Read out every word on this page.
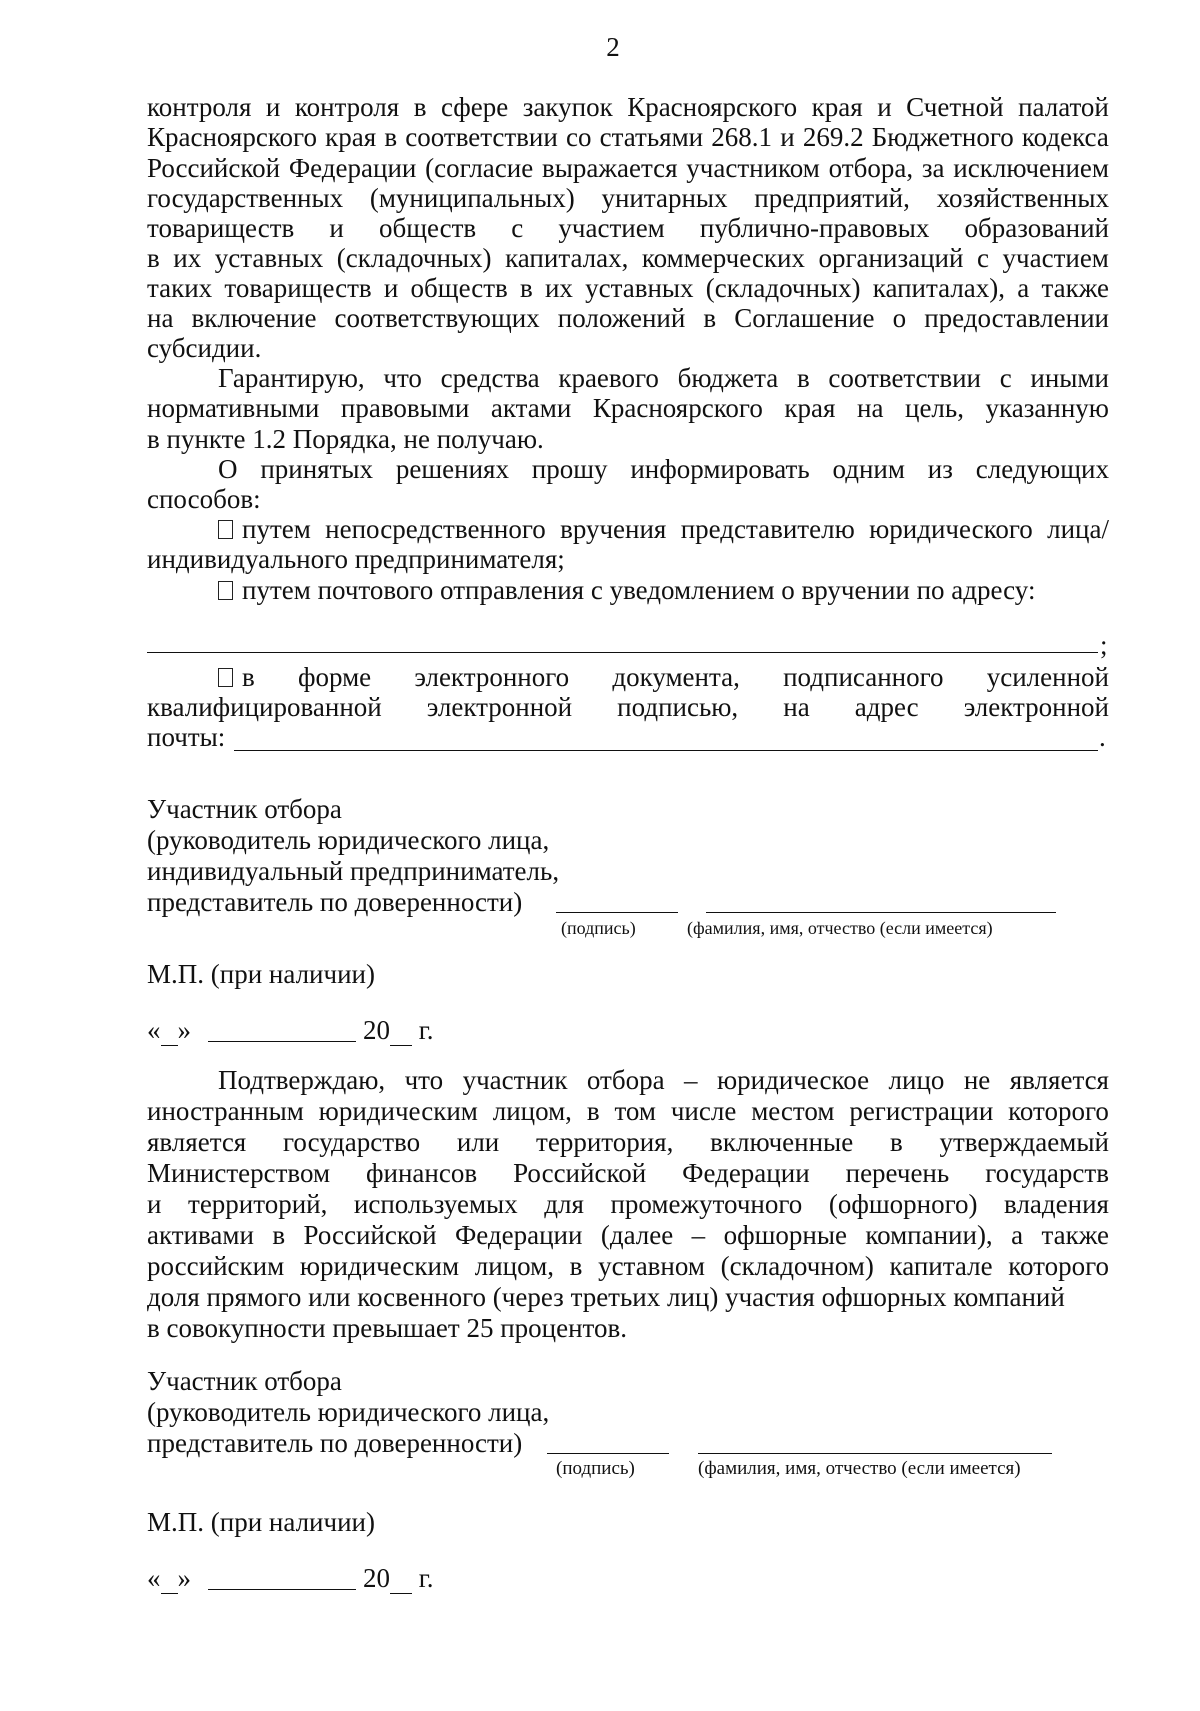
2
контроля и контроля в сфере закупок Красноярского края и Счетной палатой
Красноярского края в соответствии со статьями 268.1 и 269.2 Бюджетного кодекса
Российской Федерации (согласие выражается участником отбора, за исключением
государственных (муниципальных) унитарных предприятий, хозяйственных
товариществ и обществ с участием публично-правовых образований
в их уставных (складочных) капиталах, коммерческих организаций с участием
таких товариществ и обществ в их уставных (складочных) капиталах), а также
на включение соответствующих положений в Соглашение о предоставлении
субсидии.
Гарантирую, что средства краевого бюджета в соответствии с иными
нормативными правовыми актами Красноярского края на цель, указанную
в пункте 1.2 Порядка, не получаю.
О принятых решениях прошу информировать одним из следующих
способов:
путем непосредственного вручения представителю юридического лица/
индивидуального предпринимателя;
путем почтового отправления с уведомлением о вручении по адресу:
;
в форме электронного документа, подписанного усиленной
квалифицированной электронной подписью, на адрес электронной
почты:	.
Участник отбора
(руководитель юридического лица,
индивидуальный предприниматель,
представитель по доверенности)
(подпись)	(фамилия, имя, отчество (если имеется)
М.П. (при наличии)
« »	20 г.
Подтверждаю, что участник отбора – юридическое лицо не является
иностранным юридическим лицом, в том числе местом регистрации которого
является государство или территория, включенные в утверждаемый
Министерством финансов Российской Федерации перечень государств
и территорий, используемых для промежуточного (офшорного) владения
активами в Российской Федерации (далее – офшорные компании), а также
российским юридическим лицом, в уставном (складочном) капитале которого
доля прямого или косвенного (через третьих лиц) участия офшорных компаний
в совокупности превышает 25 процентов.
Участник отбора
(руководитель юридического лица,
представитель по доверенности)
(подпись)	(фамилия, имя, отчество (если имеется)
М.П. (при наличии)
« »	20 г.
